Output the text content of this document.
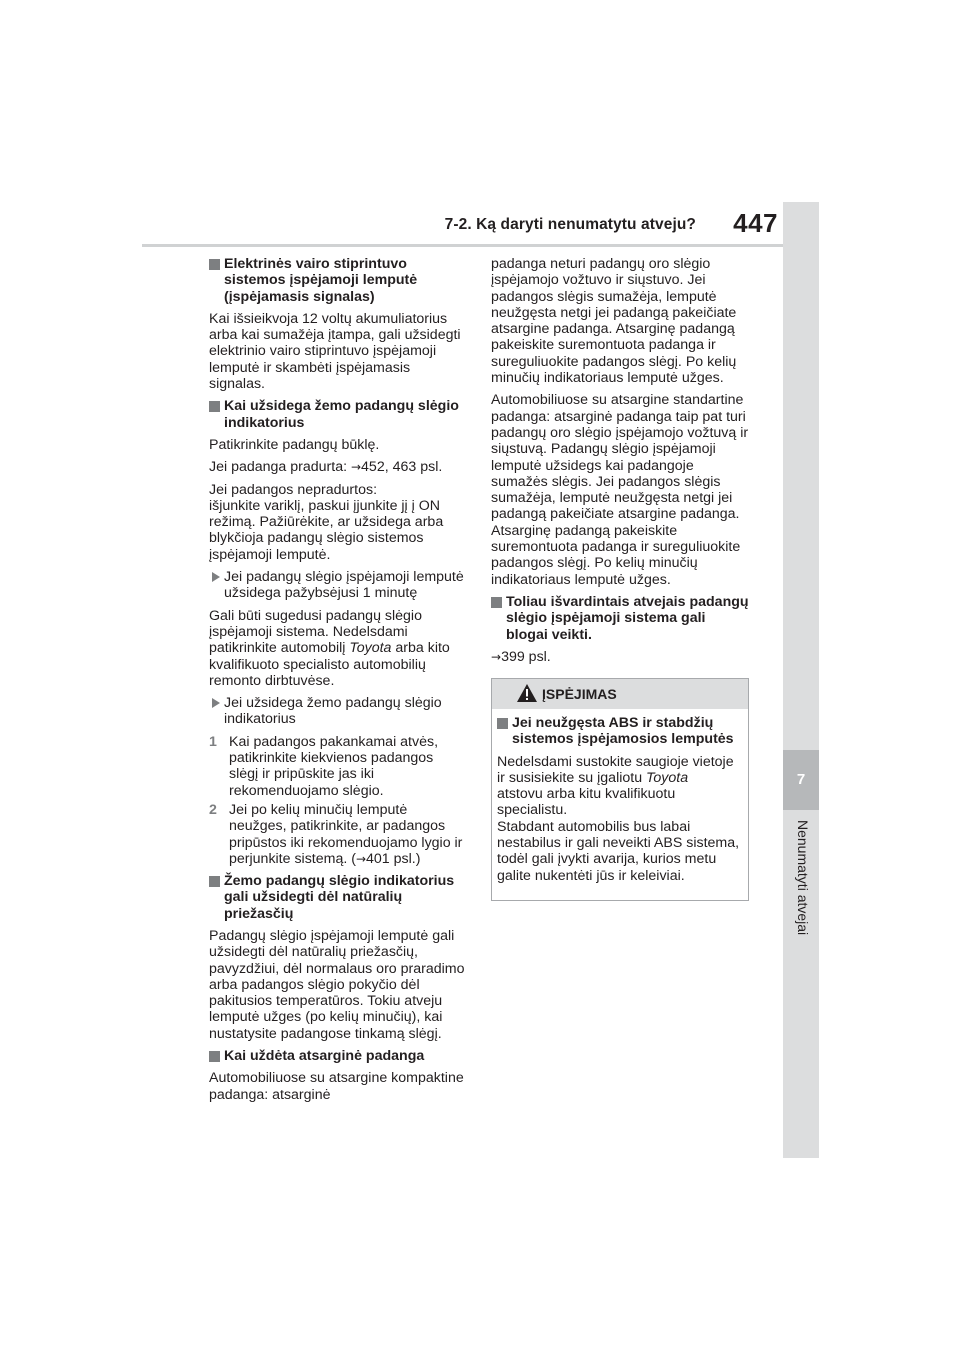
7-2. Ką daryti nenumatytu atveju?	447
7
Nenumatyti atvejai
Elektrinės vairo stiprintuvo sistemos įspėjamoji lemputė (įspėjamasis signalas)

Kai išsieikvoja 12 voltų akumuliatorius arba kai sumažėja įtampa, gali užsidegti elektrinio vairo stiprintuvo įspėjamoji lemputė ir skambėti įspėjamasis signalas.

Kai užsidega žemo padangų slėgio indikatorius

Patikrinkite padangų būklę.

Jei padanga pradurta: →452, 463 psl.

Jei padangos nepradurtos:
išjunkite variklį, paskui įjunkite jį į ON režimą. Pažiūrėkite, ar užsidega arba blykčioja padangų slėgio sistemos įspėjamoji lemputė.

Jei padangų slėgio įspėjamoji lemputė užsidega pažybsėjusi 1 minutę

Gali būti sugedusi padangų slėgio įspėjamoji sistema. Nedelsdami patikrinkite automobilį Toyota arba kito kvalifikuoto specialisto automobilių remonto dirbtuvėse.

Jei užsidega žemo padangų slėgio indikatorius
1 Kai padangos pakankamai atvės, patikrinkite kiekvienos padangos slėgį ir pripūskite jas iki rekomenduojamo slėgio.
2 Jei po kelių minučių lemputė neužges, patikrinkite, ar padangos pripūstos iki rekomenduojamo lygio ir perjunkite sistemą. (→401 psl.)
Žemo padangų slėgio indikatorius gali užsidegti dėl natūralių priežasčių

Padangų slėgio įspėjamoji lemputė gali užsidegti dėl natūralių priežasčių, pavyzdžiui, dėl normalaus oro praradimo arba padangos slėgio pokyčio dėl pakitusios temperatūros. Tokiu atveju lemputė užges (po kelių minučių), kai nustatysite padangose tinkamą slėgį.

Kai uždėta atsarginė padanga

Automobiliuose su atsargine kompaktine padanga: atsarginė

padanga neturi padangų oro slėgio įspėjamojo vožtuvo ir siųstuvo. Jei padangos slėgis sumažėja, lemputė neužgęsta netgi jei padangą pakeičiate atsargine padanga. Atsarginę padangą pakeiskite suremontuota padanga ir sureguliuokite padangos slėgį. Po kelių minučių indikatoriaus lemputė užges.

Automobiliuose su atsargine standartine padanga: atsarginė padanga taip pat turi padangų oro slėgio įspėjamojo vožtuvą ir siųstuvą. Padangų slėgio įspėjamoji lemputė užsidegs kai padangoje sumažės slėgis. Jei padangos slėgis sumažėja, lemputė neužgęsta netgi jei padangą pakeičiate atsargine padanga. Atsarginę padangą pakeiskite suremontuota padanga ir sureguliuokite padangos slėgį. Po kelių minučių indikatoriaus lemputė užges.

Toliau išvardintais atvejais padangų slėgio įspėjamoji sistema gali blogai veikti.

→399 psl.

ĮSPĖJIMAS
Jei neužgęsta ABS ir stabdžių sistemos įspėjamosios lemputės

Nedelsdami sustokite saugioje vietoje ir susisiekite su įgaliotu Toyota
atstovu arba kitu kvalifikuotu specialistu.
Stabdant automobilis bus labai nestabilus ir gali neveikti ABS sistema, todėl gali įvykti avarija, kurios metu galite nukentėti jūs ir keleiviai.
